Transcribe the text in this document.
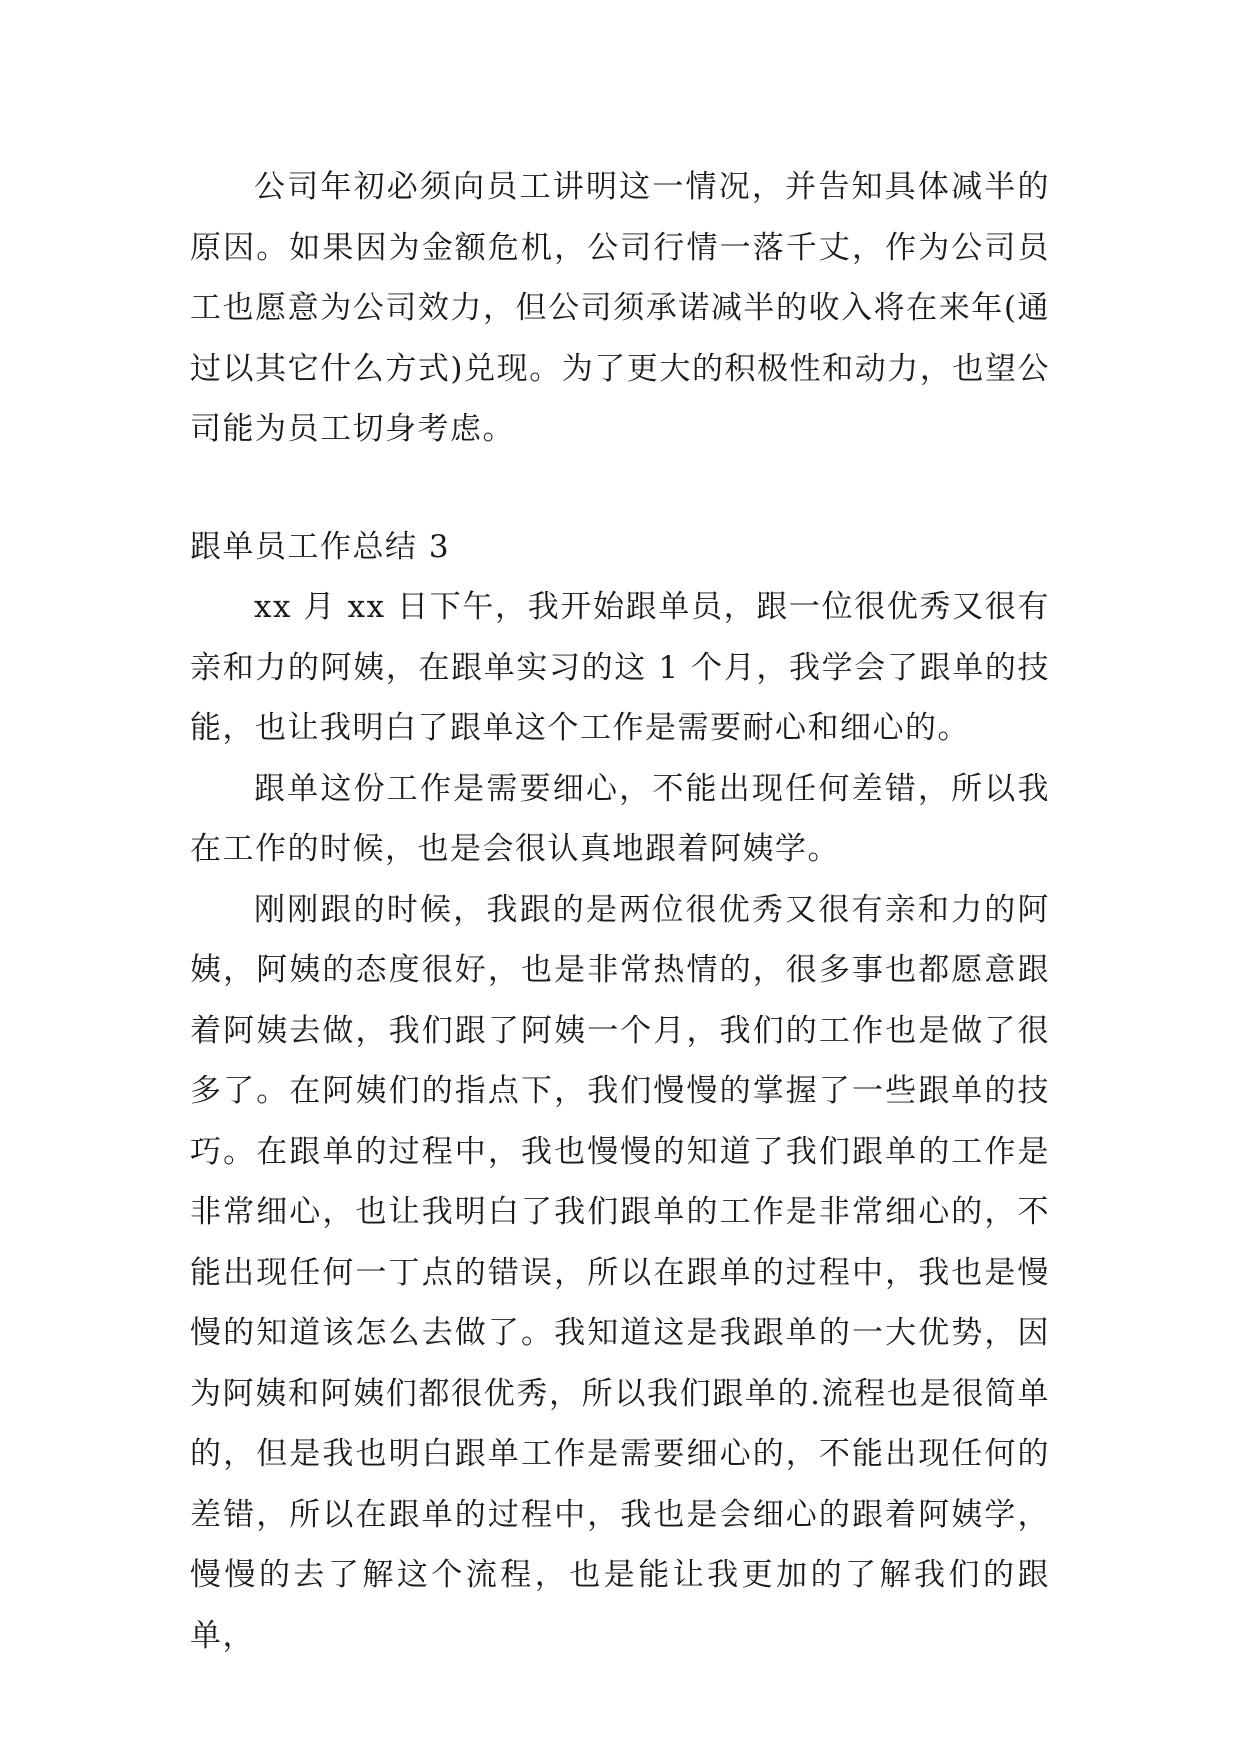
公司年初必须向员工讲明这一情况，并告知具体减半的原因。如果因为金额危机，公司行情一落千丈，作为公司员工也愿意为公司效力，但公司须承诺减半的收入将在来年(通过以其它什么方式)兑现。为了更大的积极性和动力，也望公司能为员工切身考虑。

跟单员工作总结 3

xx 月 xx 日下午，我开始跟单员，跟一位很优秀又很有亲和力的阿姨，在跟单实习的这 1 个月，我学会了跟单的技能，也让我明白了跟单这个工作是需要耐心和细心的。

跟单这份工作是需要细心，不能出现任何差错，所以我在工作的时候，也是会很认真地跟着阿姨学。

刚刚跟的时候，我跟的是两位很优秀又很有亲和力的阿姨，阿姨的态度很好，也是非常热情的，很多事也都愿意跟着阿姨去做，我们跟了阿姨一个月，我们的工作也是做了很多了。在阿姨们的指点下，我们慢慢的掌握了一些跟单的技巧。在跟单的过程中，我也慢慢的知道了我们跟单的工作是非常细心，也让我明白了我们跟单的工作是非常细心的，不能出现任何一丁点的错误，所以在跟单的过程中，我也是慢慢的知道该怎么去做了。我知道这是我跟单的一大优势，因为阿姨和阿姨们都很优秀，所以我们跟单的.流程也是很简单的，但是我也明白跟单工作是需要细心的，不能出现任何的差错，所以在跟单的过程中，我也是会细心的跟着阿姨学，慢慢的去了解这个流程，也是能让我更加的了解我们的跟单，
